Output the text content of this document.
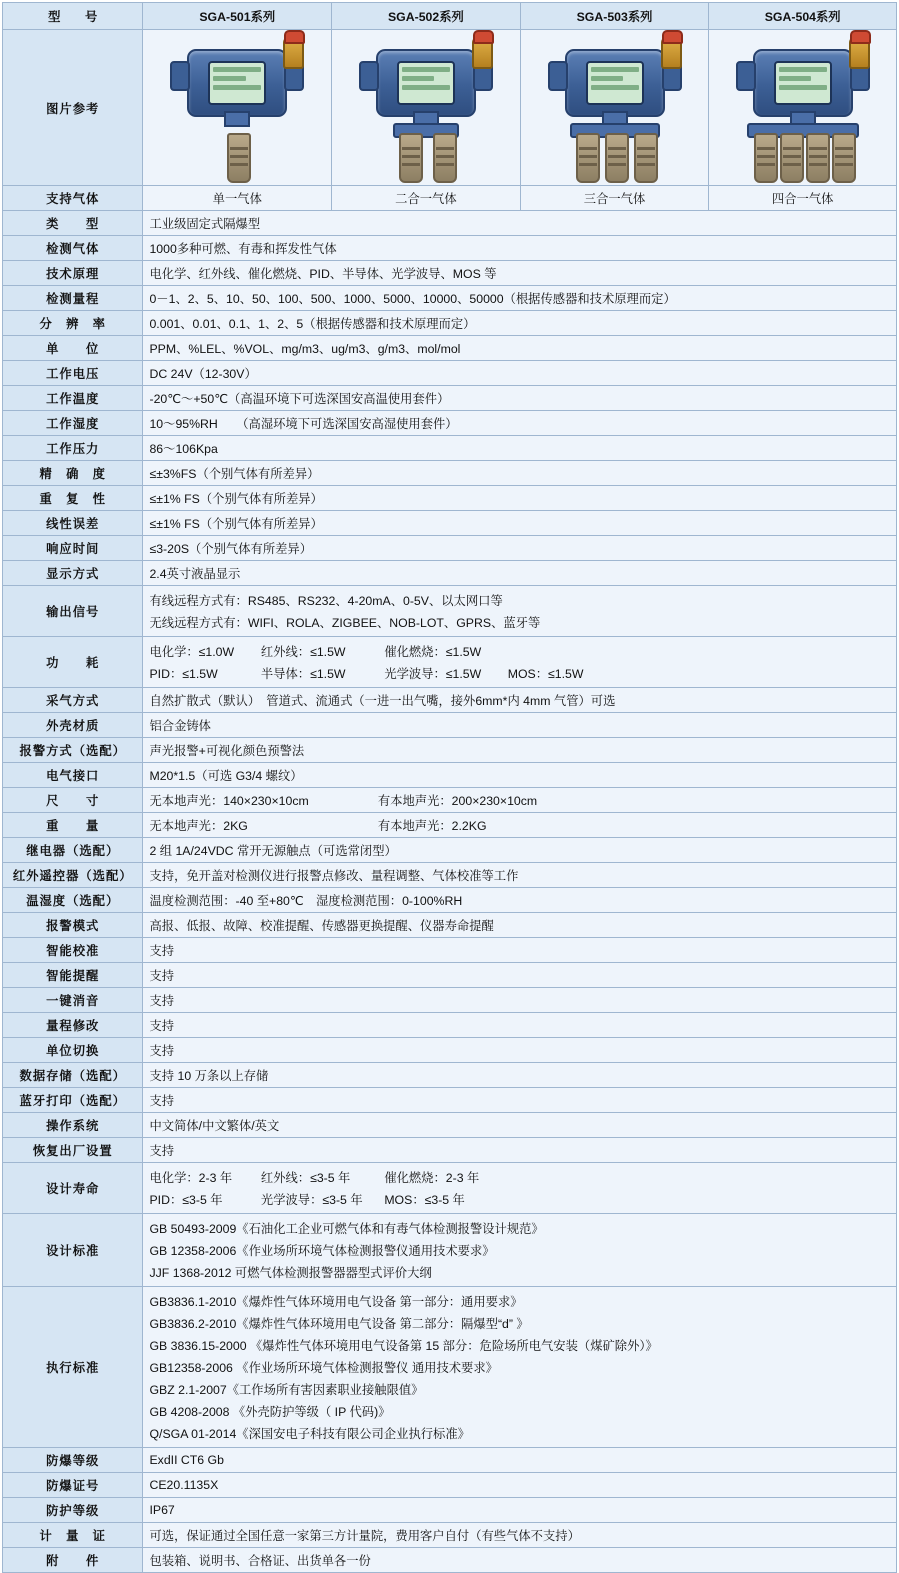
型　　号	SGA-501系列	SGA-502系列	SGA-503系列	SGA-504系列
图片参考	

支持气体	单一气体	二合一气体	三合一气体	四合一气体
类　　型	工业级固定式隔爆型			
检测气体	1000多种可燃、有毒和挥发性气体			
技术原理	电化学、红外线、催化燃烧、PID、半导体、光学波导、MOS 等			
检测量程	0－1、2、5、10、50、100、500、1000、5000、10000、50000（根据传感器和技术原理而定）			
分　辨　率	0.001、0.01、0.1、1、2、5（根据传感器和技术原理而定）			
单　　位	PPM、%LEL、%VOL、mg/m3、ug/m3、g/m3、mol/mol			
工作电压	DC 24V（12-30V）			
工作温度	-20℃～+50℃（高温环境下可选深国安高温使用套件）			
工作湿度	10～95%RH　　（高湿环境下可选深国安高湿使用套件）			
工作压力	86～106Kpa			
精　确　度	≤±3%FS（个别气体有所差异）			
重　复　性	≤±1% FS（个别气体有所差异）			
线性误差	≤±1% FS（个别气体有所差异）			
响应时间	≤3-20S（个别气体有所差异）			
显示方式	2.4英寸液晶显示			
输出信号	有线远程方式有：RS485、RS232、4-20mA、0-5V、以太网口等
无线远程方式有：WIFI、ROLA、ZIGBEE、NOB-LOT、GPRS、蓝牙等			

功　　耗	电化学：≤1.0W 红外线：≤1.5W 催化燃烧：≤1.5W
PID：≤1.5W 半导体：≤1.5W 光学波导：≤1.5W MOS：≤1.5W			

采气方式	自然扩散式（默认）　管道式、流通式（一进一出气嘴，接外6mm*内 4mm 气管）可选			
外壳材质	铝合金铸体			
报警方式（选配）	声光报警+可视化颜色预警法			
电气接口	M20*1.5（可选 G3/4 螺纹）			
尺　　寸	无本地声光：140×230×10cm 有本地声光：200×230×10cm			
重　　量	无本地声光：2KG 有本地声光：2.2KG			
继电器（选配）	2 组 1A/24VDC 常开无源触点（可选常闭型）			
红外遥控器（选配）	支持，免开盖对检测仪进行报警点修改、量程调整、气体校准等工作			
温湿度（选配）	温度检测范围：-40 至+80℃　湿度检测范围：0-100%RH			
报警模式	高报、低报、故障、校准提醒、传感器更换提醒、仪器寿命提醒			
智能校准	支持			
智能提醒	支持			
一键消音	支持			
量程修改	支持			
单位切换	支持			
数据存储（选配）	支持 10 万条以上存储			
蓝牙打印（选配）	支持			
操作系统	中文简体/中文繁体/英文			
恢复出厂设置	支持			
设计寿命	电化学：2-3 年 红外线：≤3-5 年 催化燃烧：2-3 年
PID：≤3-5 年 光学波导：≤3-5 年 MOS：≤3-5 年			

设计标准	GB 50493-2009《石油化工企业可燃气体和有毒气体检测报警设计规范》
GB 12358-2006《作业场所环境气体检测报警仪通用技术要求》
JJF 1368-2012 可燃气体检测报警器器型式评价大纲			

执行标准	
GB3836.1-2010《爆炸性气体环境用电气设备 第一部分：通用要求》
GB3836.2-2010《爆炸性气体环境用电气设备 第二部分：隔爆型“d” 》
GB 3836.15-2000 《爆炸性气体环境用电气设备第 15 部分：危险场所电气安装（煤矿除外）》
GB12358-2006 《作业场所环境气体检测报警仪 通用技术要求》
GBZ 2.1-2007《工作场所有害因素职业接触限值》
GB 4208-2008 《外壳防护等级（ IP 代码)》
Q/SGA 01-2014《深国安电子科技有限公司企业执行标准》

防爆等级	ExdII CT6 Gb			
防爆证号	CE20.1135X			
防护等级	IP67			
计　量　证	可选，保证通过全国任意一家第三方计量院，费用客户自付（有些气体不支持）			
附　　件	包装箱、说明书、合格证、出货单各一份			
